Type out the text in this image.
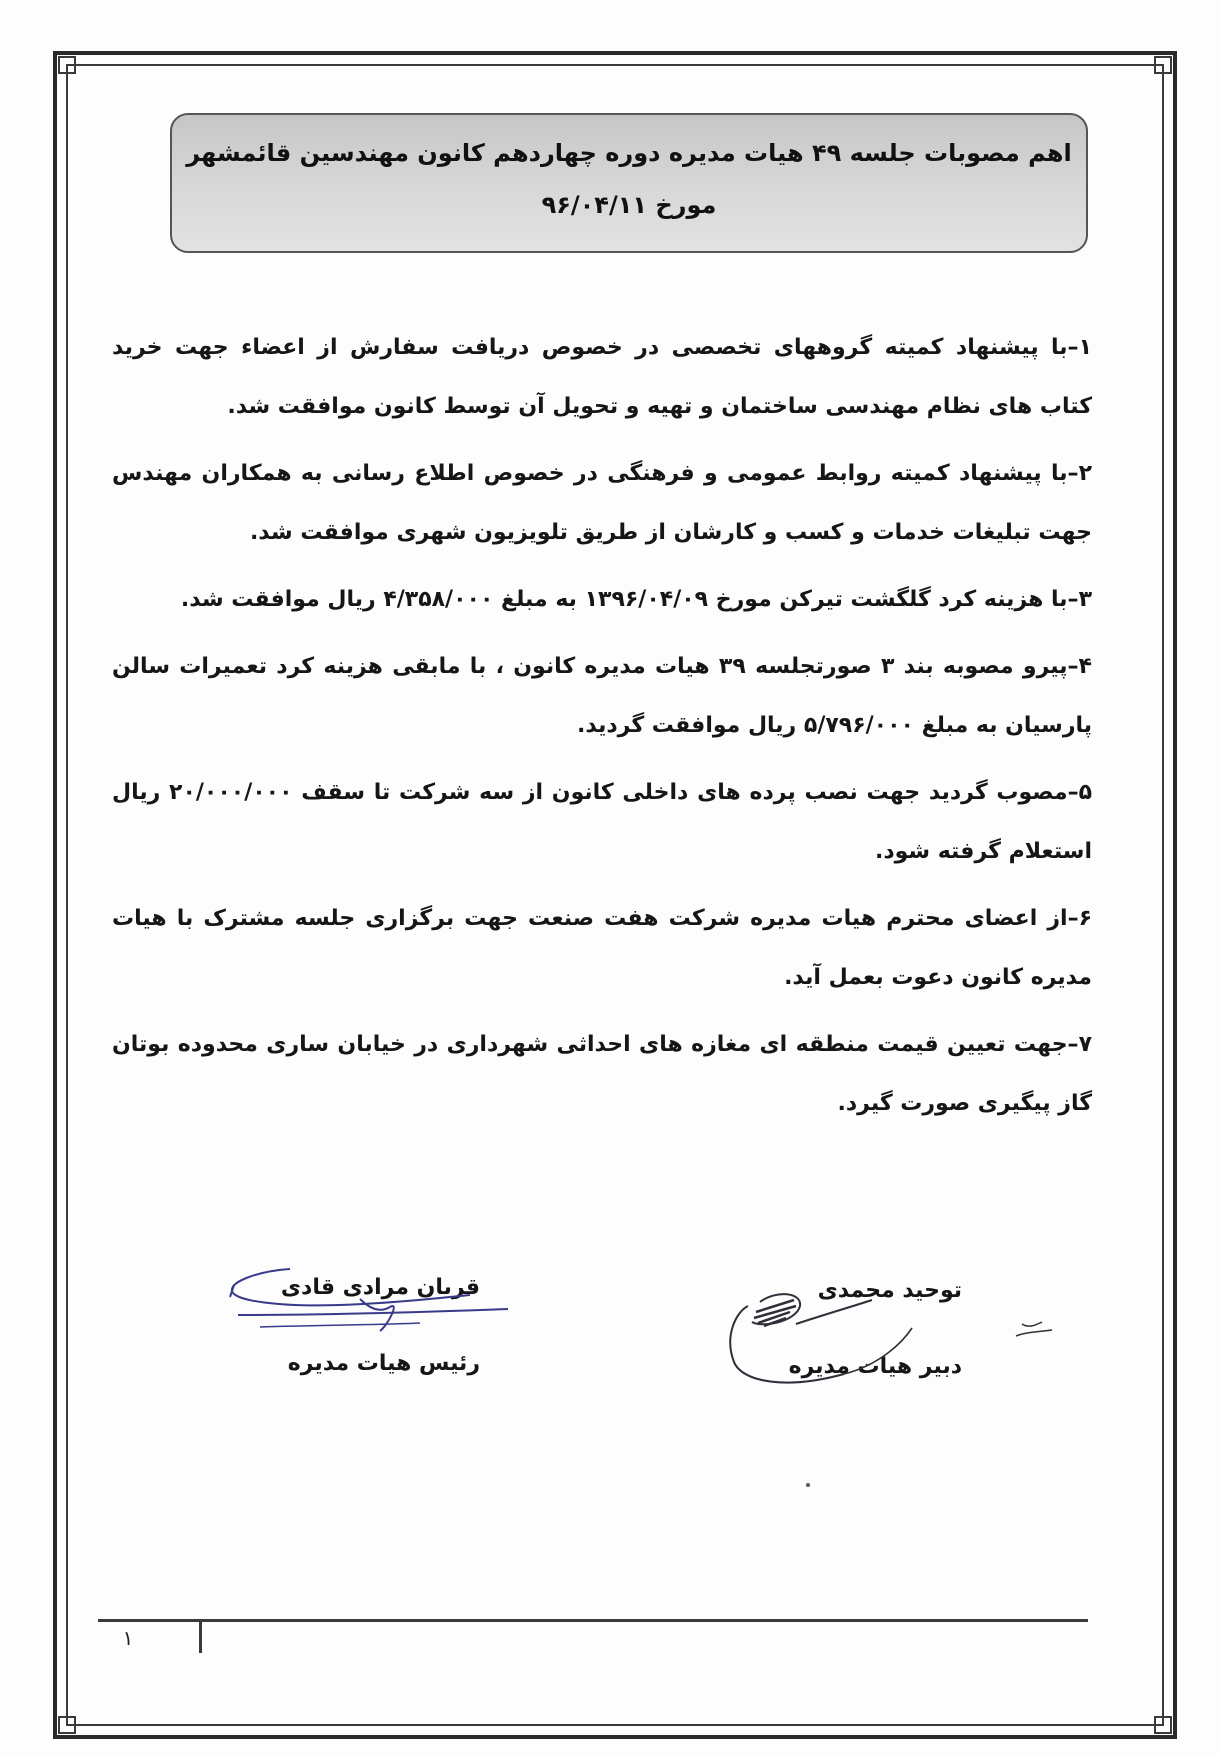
اهم مصوبات جلسه ۴۹ هیات مدیره دوره چهاردهم کانون مهندسین قائمشهر
مورخ ۹۶/۰۴/۱۱

۱–با پیشنهاد کمیته گروههای تخصصی در خصوص دریافت سفارش از اعضاء جهت خرید کتاب های نظام مهندسی ساختمان و تهیه و تحویل آن توسط کانون موافقت شد.

۲–با پیشنهاد کمیته روابط عمومی و فرهنگی در خصوص اطلاع رسانی به همکاران مهندس جهت تبلیغات خدمات و کسب و کارشان از طریق تلویزیون شهری موافقت شد.

۳–با هزینه کرد گلگشت تیرکن مورخ ۱۳۹۶/۰۴/۰۹ به مبلغ ۴/۳۵۸/۰۰۰ ریال موافقت شد.

۴–پیرو مصوبه بند ۳ صورتجلسه ۳۹ هیات مدیره کانون ، با مابقی هزینه کرد تعمیرات سالن پارسیان به مبلغ ۵/۷۹۶/۰۰۰ ریال موافقت گردید.

۵–مصوب گردید جهت نصب پرده های داخلی کانون از سه شرکت تا سقف ۲۰/۰۰۰/۰۰۰ ریال استعلام گرفته شود.

۶–از اعضای محترم هیات مدیره شرکت هفت صنعت جهت برگزاری جلسه مشترک با هیات مدیره کانون دعوت بعمل آید.

۷–جهت تعیین قیمت منطقه ای مغازه های احداثی شهرداری در خیابان ساری محدوده بوتان گاز پیگیری صورت گیرد.

توحید محمدی
دبیر هیات مدیره
قربان مرادی قادی
رئیس هیات مدیره
۱
